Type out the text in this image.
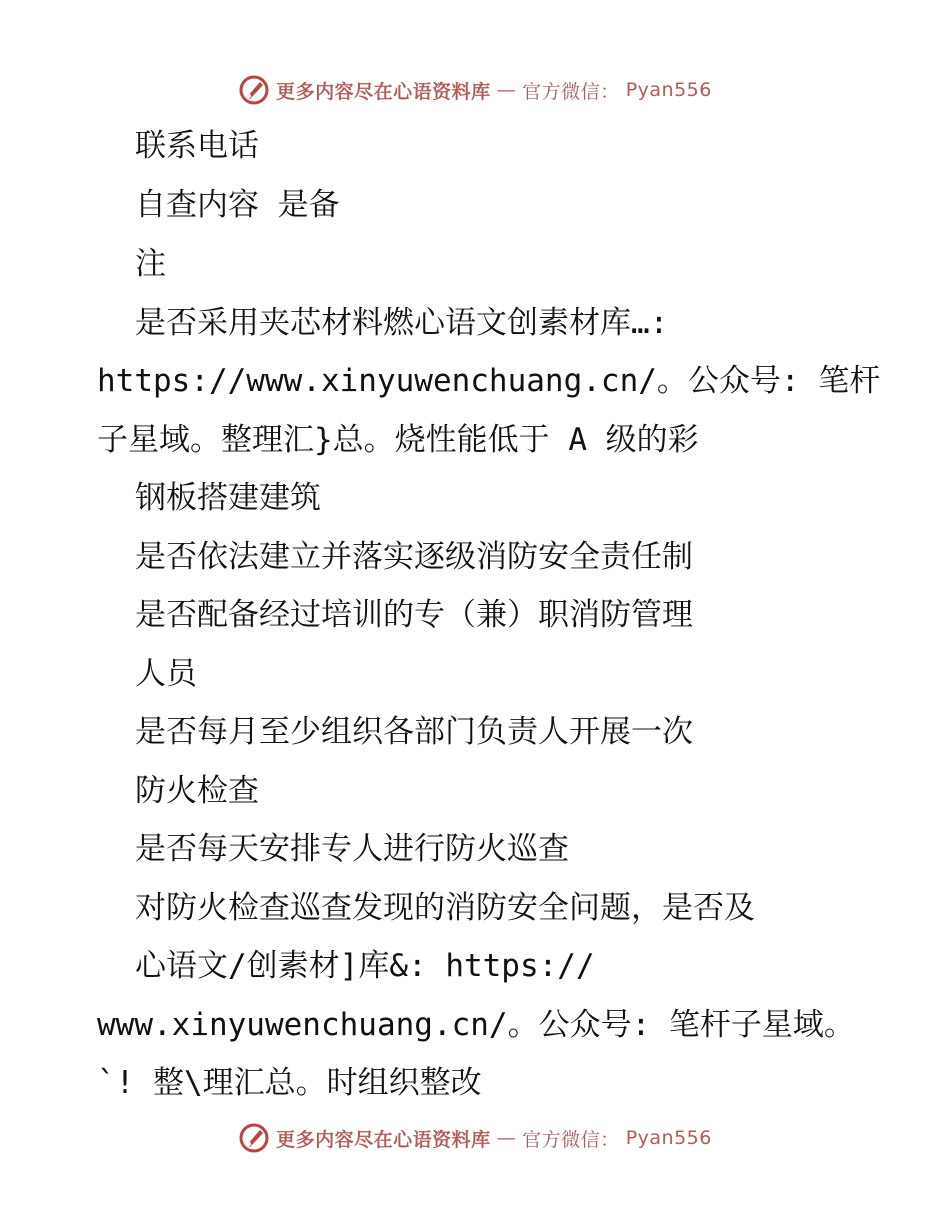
更多内容尽在心语资料库 — 官方微信： Pyan556
联系电话
自查内容 是备
注
是否采用夹芯材料燃心语文创素材库…:
https://www.xinyuwenchuang.cn/。公众号: 笔杆
子星域。整理汇}总。烧性能低于 A 级的彩
钢板搭建建筑
是否依法建立并落实逐级消防安全责任制
是否配备经过培训的专（兼）职消防管理
人员
是否每月至少组织各部门负责人开展一次
防火检查
是否每天安排专人进行防火巡查
对防火检查巡查发现的消防安全问题，是否及
心语文/创素材]库&: https://
www.xinyuwenchuang.cn/。公众号: 笔杆子星域。
`! 整\理汇总。时组织整改
更多内容尽在心语资料库 — 官方微信： Pyan556
